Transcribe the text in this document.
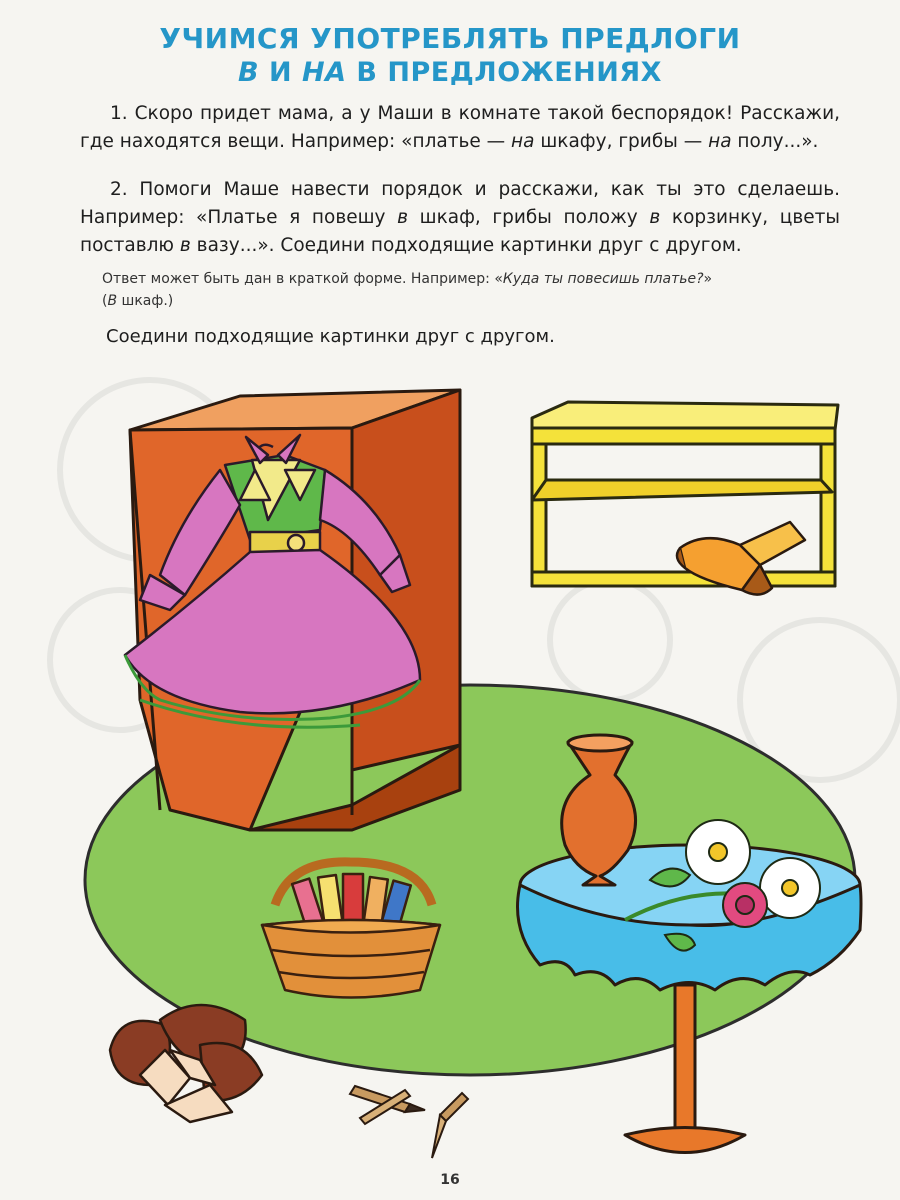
УЧИМСЯ УПОТРЕБЛЯТЬ ПРЕДЛОГИ
В И НА В ПРЕДЛОЖЕНИЯХ

1. Скоро придет мама, а у Маши в комнате такой беспорядок! Расскажи, где находятся вещи. Например: «платье — на шкафу, грибы — на полу...».

2. Помоги Маше навести порядок и расскажи, как ты это сделаешь. Например: «Платье я повешу в шкаф, грибы положу в корзинку, цветы поставлю в вазу...». Соедини подходящие картинки друг с другом.

Ответ может быть дан в краткой форме. Например: «Куда ты повесишь платье?»
(В шкаф.)
Соедини подходящие картинки друг с другом.
16
